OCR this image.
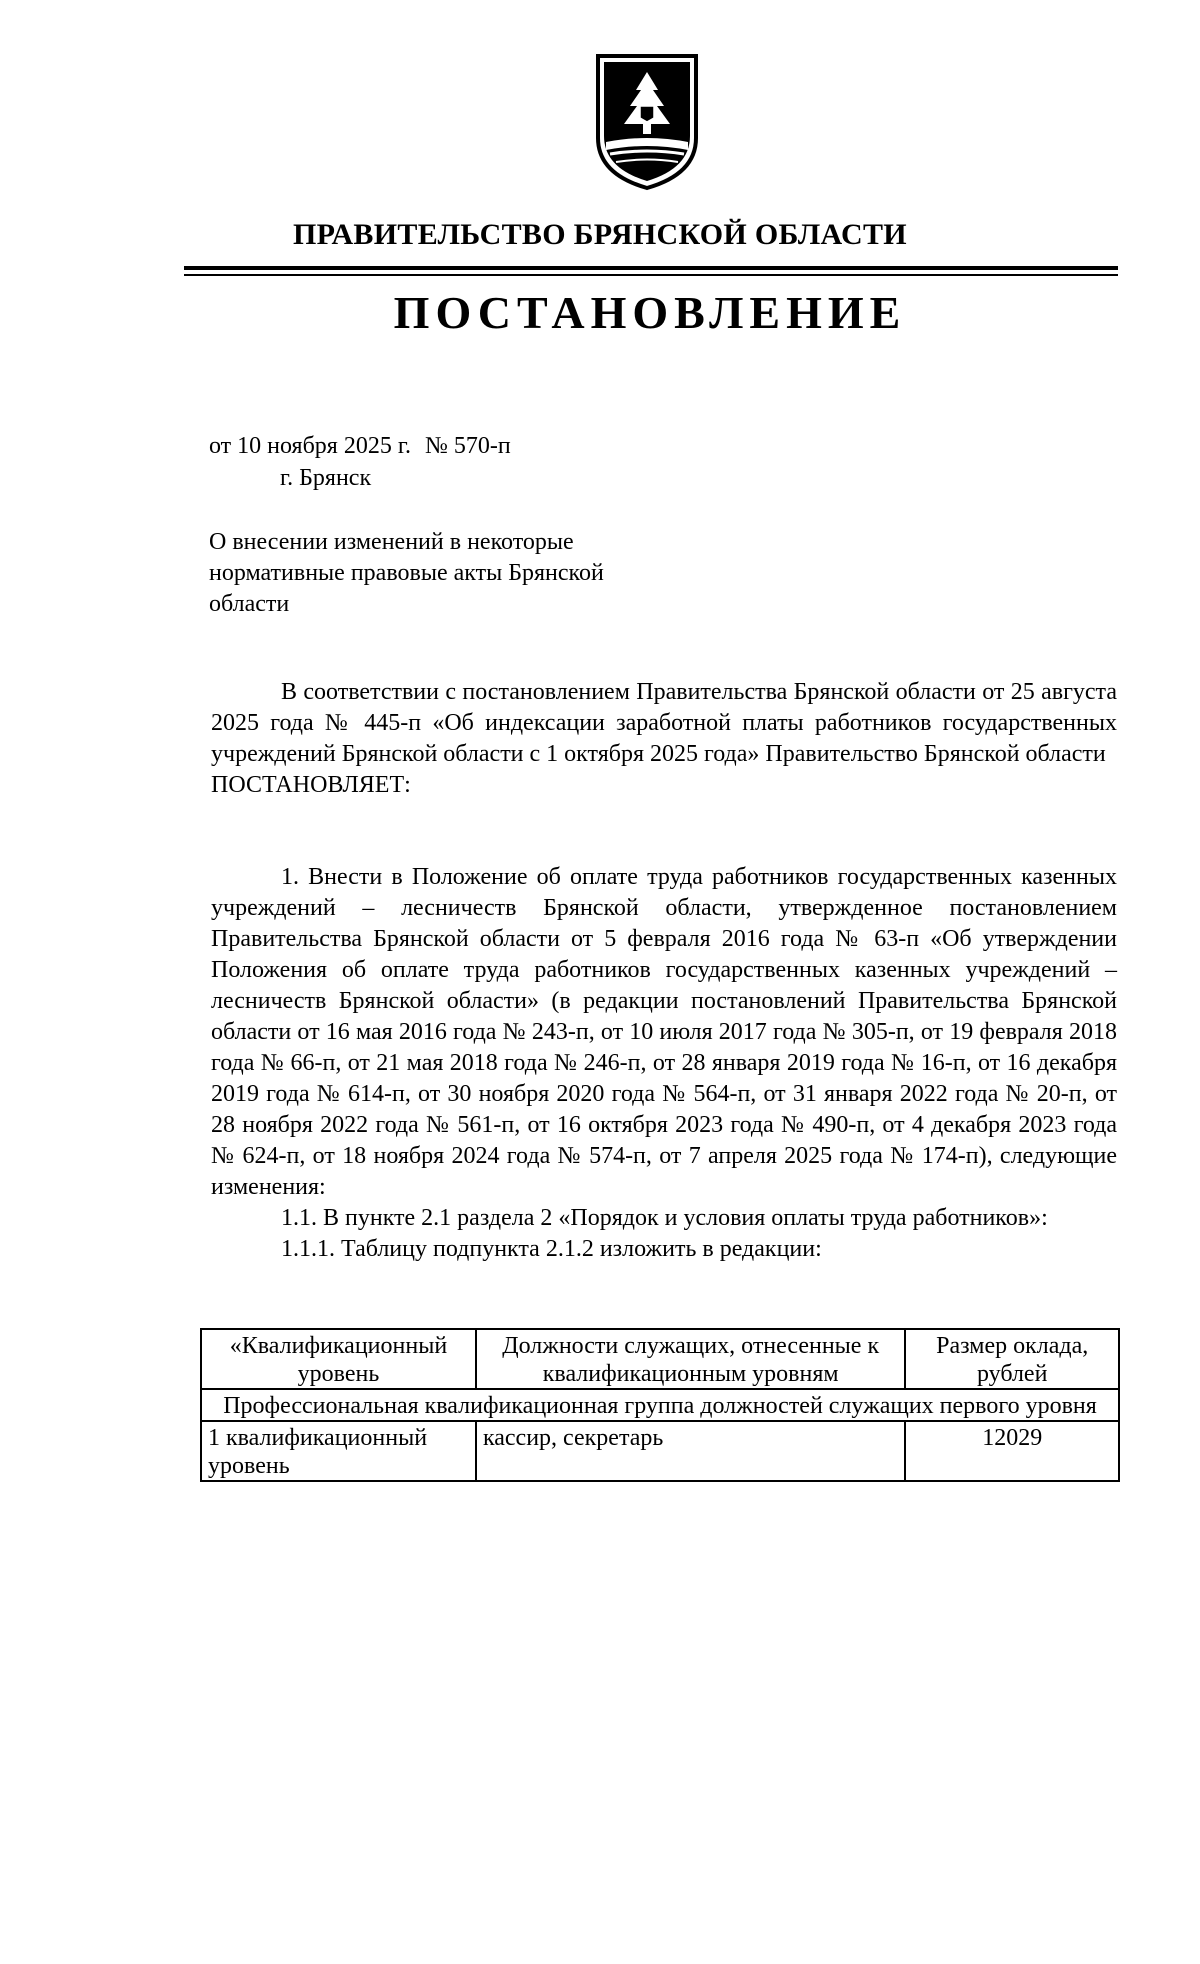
ПРАВИТЕЛЬСТВО БРЯНСКОЙ ОБЛАСТИ
ПОСТАНОВЛЕНИЕ
от 10 ноября 2025 г. № 570-п
г. Брянск
О внесении изменений в некоторые нормативные правовые акты Брянской области

В соответствии с постановлением Правительства Брянской области от 25 августа 2025 года № 445-п «Об индексации заработной платы работников государственных учреждений Брянской области с 1 октября 2025 года» Правительство Брянской области

ПОСТАНОВЛЯЕТ:

1. Внести в Положение об оплате труда работников государственных казенных учреждений – лесничеств Брянской области, утвержденное постановлением Правительства Брянской области от 5 февраля 2016 года № 63-п «Об утверждении Положения об оплате труда работников государственных казенных учреждений – лесничеств Брянской области» (в редакции постановлений Правительства Брянской области от 16 мая 2016 года № 243-п, от 10 июля 2017 года № 305-п, от 19 февраля 2018 года № 66-п, от 21 мая 2018 года № 246-п, от 28 января 2019 года № 16-п, от 16 декабря 2019 года № 614-п, от 30 ноября 2020 года № 564-п, от 31 января 2022 года № 20-п, от 28 ноября 2022 года № 561-п, от 16 октября 2023 года № 490-п, от 4 декабря 2023 года № 624-п, от 18 ноября 2024 года № 574-п, от 7 апреля 2025 года № 174-п), следующие изменения:

1.1. В пункте 2.1 раздела 2 «Порядок и условия оплаты труда работников»:

1.1.1. Таблицу подпункта 2.1.2 изложить в редакции:

«Квалификационный уровень	Должности служащих, отнесенные к квалификационным уровням	Размер оклада, рублей
Профессиональная квалификационная группа должностей служащих первого уровня		
1 квалификационный уровень	кассир, секретарь	12029
